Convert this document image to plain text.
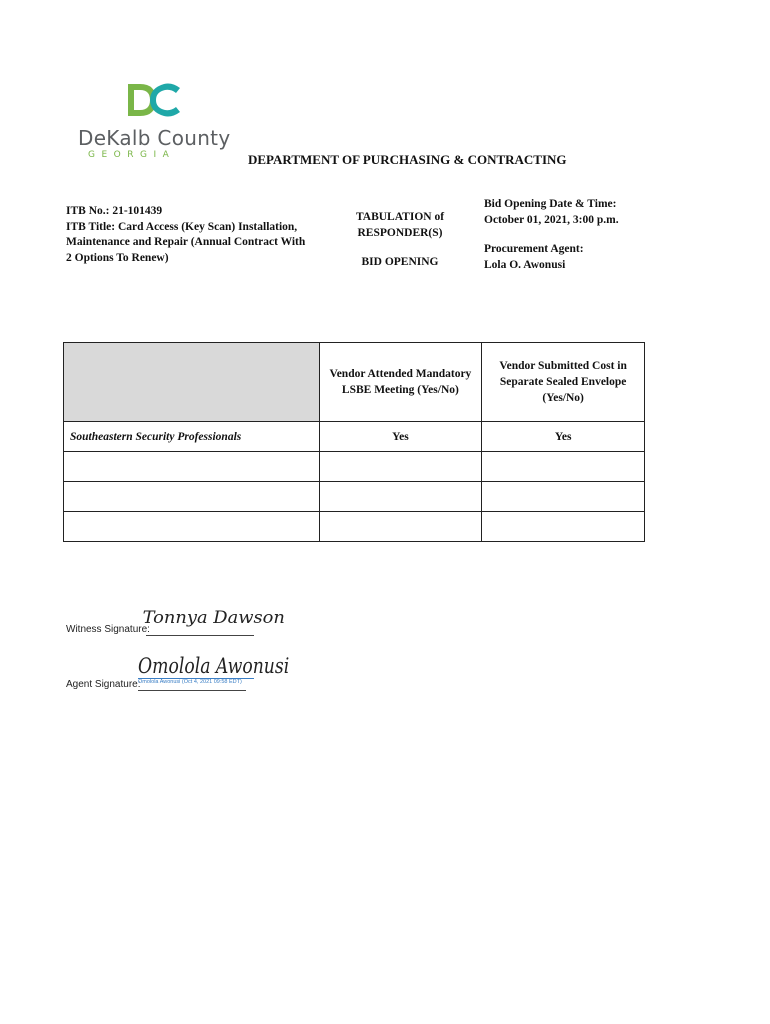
DeKalb County
GEORGIA	DEPARTMENT OF PURCHASING & CONTRACTING
ITB No.: 21-101439
ITB Title: Card Access (Key Scan) Installation,
Maintenance and Repair (Annual Contract With
2 Options To Renew)
TABULATION of
RESPONDER(S)
BID OPENING
Bid Opening Date & Time:
October 01, 2021, 3:00 p.m.
Procurement Agent:
Lola O. Awonusi
	Vendor Attended Mandatory LSBE Meeting (Yes/No)	Vendor Submitted Cost in Separate Sealed Envelope (Yes/No)
Southeastern Security Professionals	Yes	Yes

Witness Signature:
Tonnya Dawson
Agent Signature:
Omolola Awonusi
Omolola Awonusi (Oct 4, 2021 09:58 EDT)
